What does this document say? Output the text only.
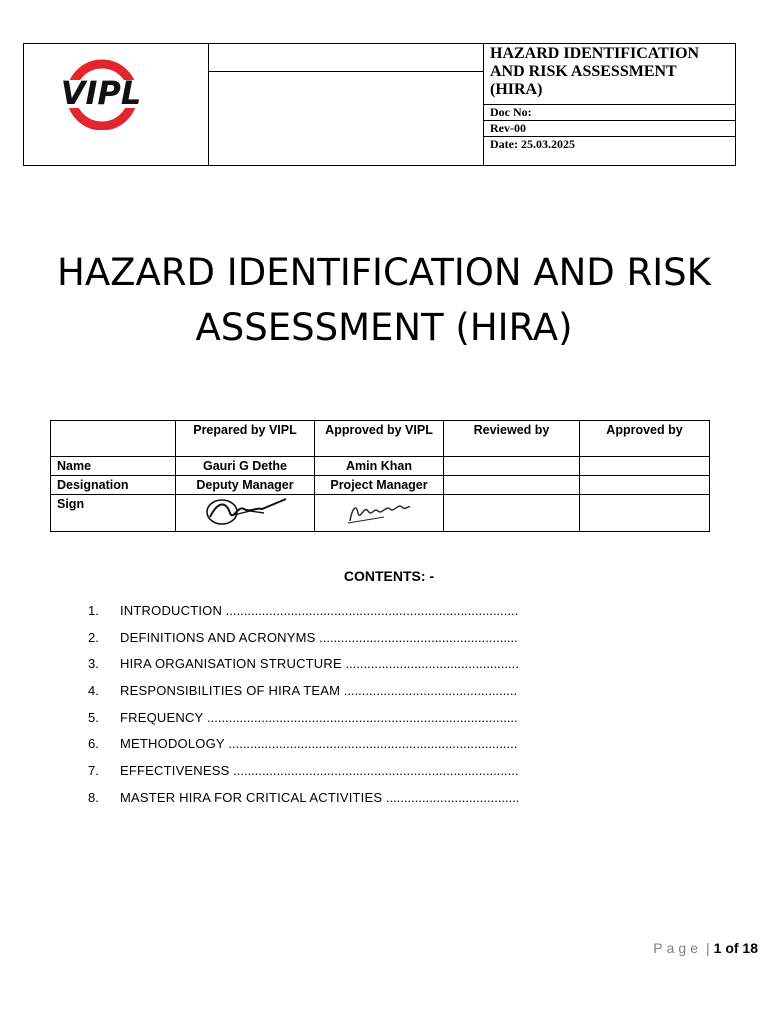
		HAZARD IDENTIFICATION AND RISK ASSESSMENT (HIRA)

Doc No:
Rev-00
Date: 25.03.2025
VIPL
HAZARD IDENTIFICATION AND RISK
ASSESSMENT (HIRA)
	Prepared by VIPL	Approved by VIPL	Reviewed by	Approved by
Name	Gauri G Dethe	Amin Khan		
Designation	Deputy Manager	Project Manager		
Sign				
CONTENTS: -
1.	INTRODUCTION .....
2.	DEFINITIONS AND ACRONYMS .....
3.	HIRA ORGANISATION STRUCTURE .....
4.	RESPONSIBILITIES OF HIRA TEAM .....
5.	FREQUENCY .....
6.	METHODOLOGY .....
7.	EFFECTIVENESS .....
8.	MASTER HIRA FOR CRITICAL ACTIVITIES .....
Page | 1 of 18
